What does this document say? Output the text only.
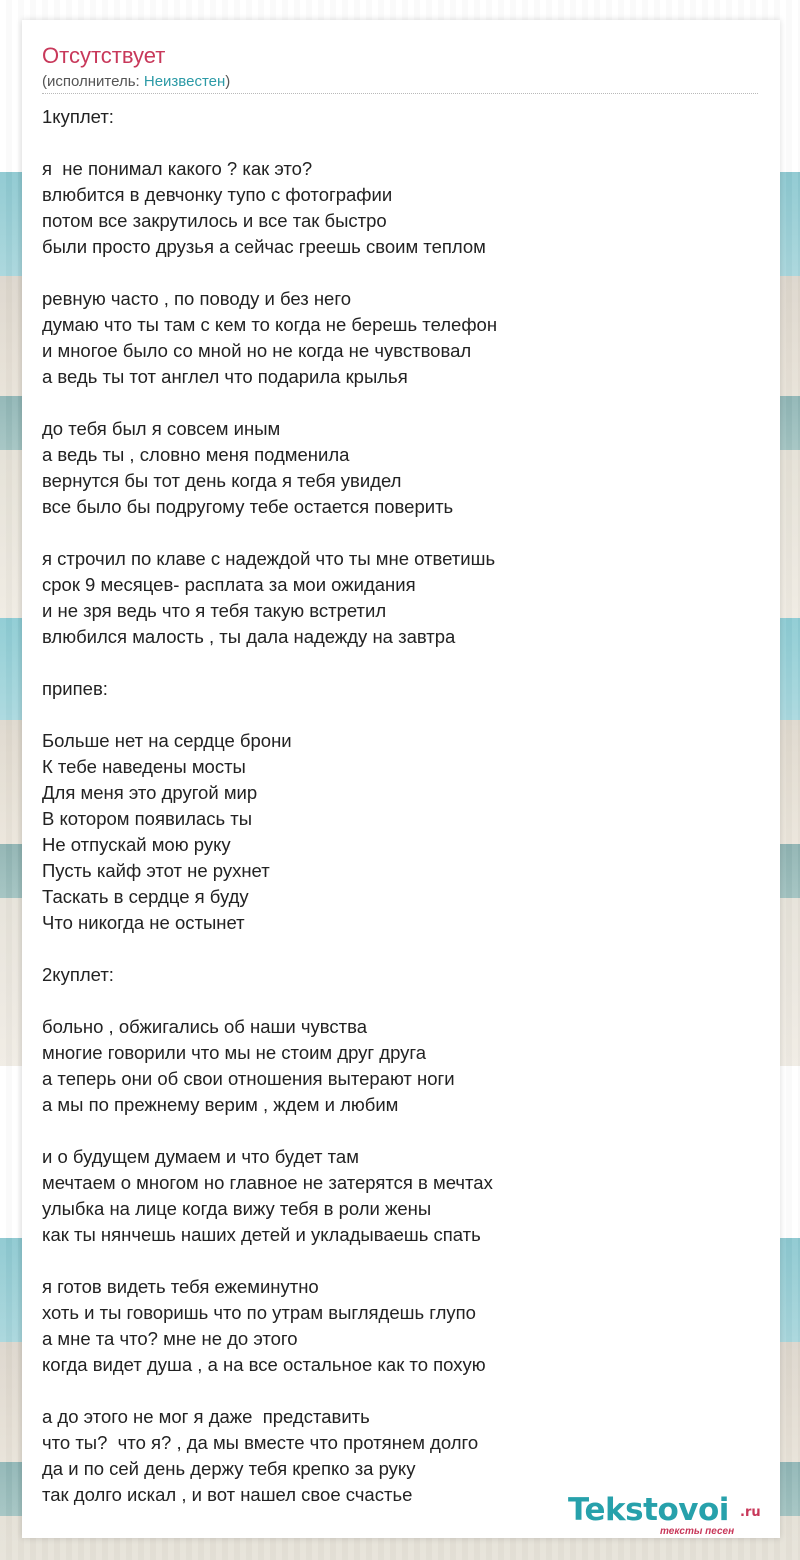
Отсутствует
(исполнитель: Неизвестен)
1куплет:
я  не понимал какого ? как это?
влюбится в девчонку тупо с фотографии
потом все закрутилось и все так быстро
были просто друзья а сейчас греешь своим теплом
ревную часто , по поводу и без него
думаю что ты там с кем то когда не берешь телефон
и многое было со мной но не когда не чувствовал
а ведь ты тот англел что подарила крылья
до тебя был я совсем иным
а ведь ты , словно меня подменила
вернутся бы тот день когда я тебя увидел
все было бы подругому тебе остается поверить
я строчил по клаве с надеждой что ты мне ответишь
срок 9 месяцев- расплата за мои ожидания
и не зря ведь что я тебя такую встретил
влюбился малость , ты дала надежду на завтра
припев:
Больше нет на сердце брони
К тебе наведены мосты
Для меня это другой мир
В котором появилась ты
Не отпускай мою руку
Пусть кайф этот не рухнет
Таскать в сердце я буду
Что никогда не остынет
2куплет:
больно , обжигались об наши чувства
многие говорили что мы не стоим друг друга
а теперь они об свои отношения вытерают ноги
а мы по прежнему верим , ждем и любим
и о будущем думаем и что будет там
мечтаем о многом но главное не затерятся в мечтах
улыбка на лице когда вижу тебя в роли жены
как ты нянчешь наших детей и укладываешь спать
я готов видеть тебя ежеминутно
хоть и ты говоришь что по утрам выглядешь глупо
а мне та что? мне не до этого
когда видет душа , а на все остальное как то похую
а до этого не мог я даже  представить
что ты?  что я? , да мы вместе что протянем долго
да и по сей день держу тебя крепко за руку
так долго искал , и вот нашел свое счастье	Tekstovoi .ru
тексты песен
